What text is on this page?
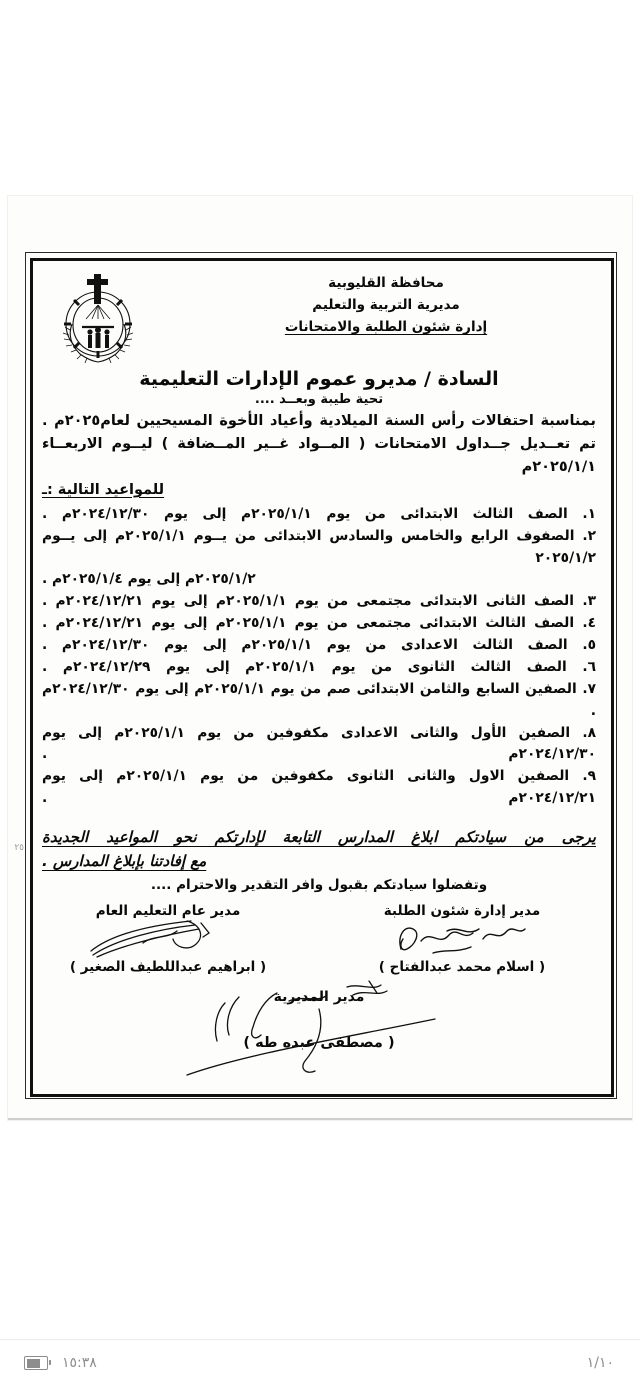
٢٥
محافظة القليوبية
مديرية التربية والتعليم
إدارة شئون الطلبة والامتحانات
السادة / مديرو عموم الإدارات التعليمية
تحية طيبة وبعــد ....
بمناسبة احتفالات رأس السنة الميلادية وأعياد الأخوة المسيحيين لعام٢٠٢٥م . تم تعــديل جــداول الامتحانات ( المــواد غــير المــضافة ) ليــوم الاربعــاء ٢٠٢٥/١/١م
للمواعيد التالية :ـ
١. الصف الثالث الابتدائى من يوم ٢٠٢٥/١/١م إلى يوم ٢٠٢٤/١٢/٣٠م .
٢. الصفوف الرابع والخامس والسادس الابتدائى من يــوم ٢٠٢٥/١/١م إلى يــوم ٢٠٢٥/١/٢
٢٠٢٥/١/٢م إلى يوم ٢٠٢٥/١/٤م .
٣. الصف الثانى الابتدائى مجتمعى من يوم ٢٠٢٥/١/١م إلى يوم ٢٠٢٤/١٢/٢١م .
٤. الصف الثالث الابتدائى مجتمعى من يوم ٢٠٢٥/١/١م إلى يوم ٢٠٢٤/١٢/٢١م .
٥. الصف الثالث الاعدادى من يوم ٢٠٢٥/١/١م إلى يوم ٢٠٢٤/١٢/٣٠م .
٦. الصف الثالث الثانوى من يوم ٢٠٢٥/١/١م إلى يوم ٢٠٢٤/١٢/٢٩م .
٧. الصفين السابع والثامن الابتدائى صم من يوم ٢٠٢٥/١/١م إلى يوم ٢٠٢٤/١٢/٣٠م .
٨. الصفين الأول والثانى الاعدادى مكفوفين من يوم ٢٠٢٥/١/١م إلى يوم ٢٠٢٤/١٢/٣٠م .
٩. الصفين الاول والثانى الثانوى مكفوفين من يوم ٢٠٢٥/١/١م إلى يوم ٢٠٢٤/١٢/٢١م .
يرجى من سيادتكم ابلاغ المدارس التابعة لإدارتكم نحو المواعيد الجديدة
مع إفادتنا بإبلاغ المدارس .
وتفضلوا سيادتكم بقبول وافر التقدير والاحترام ....
مدير إدارة شئون الطلبة
( اسلام محمد عبدالفتاح )
مدير عام التعليم العام
( ابراهيم عبداللطيف الصغير )
مدير المديرية
( مصطفى عبده طه )
١٥:٣٨	١/١٠
